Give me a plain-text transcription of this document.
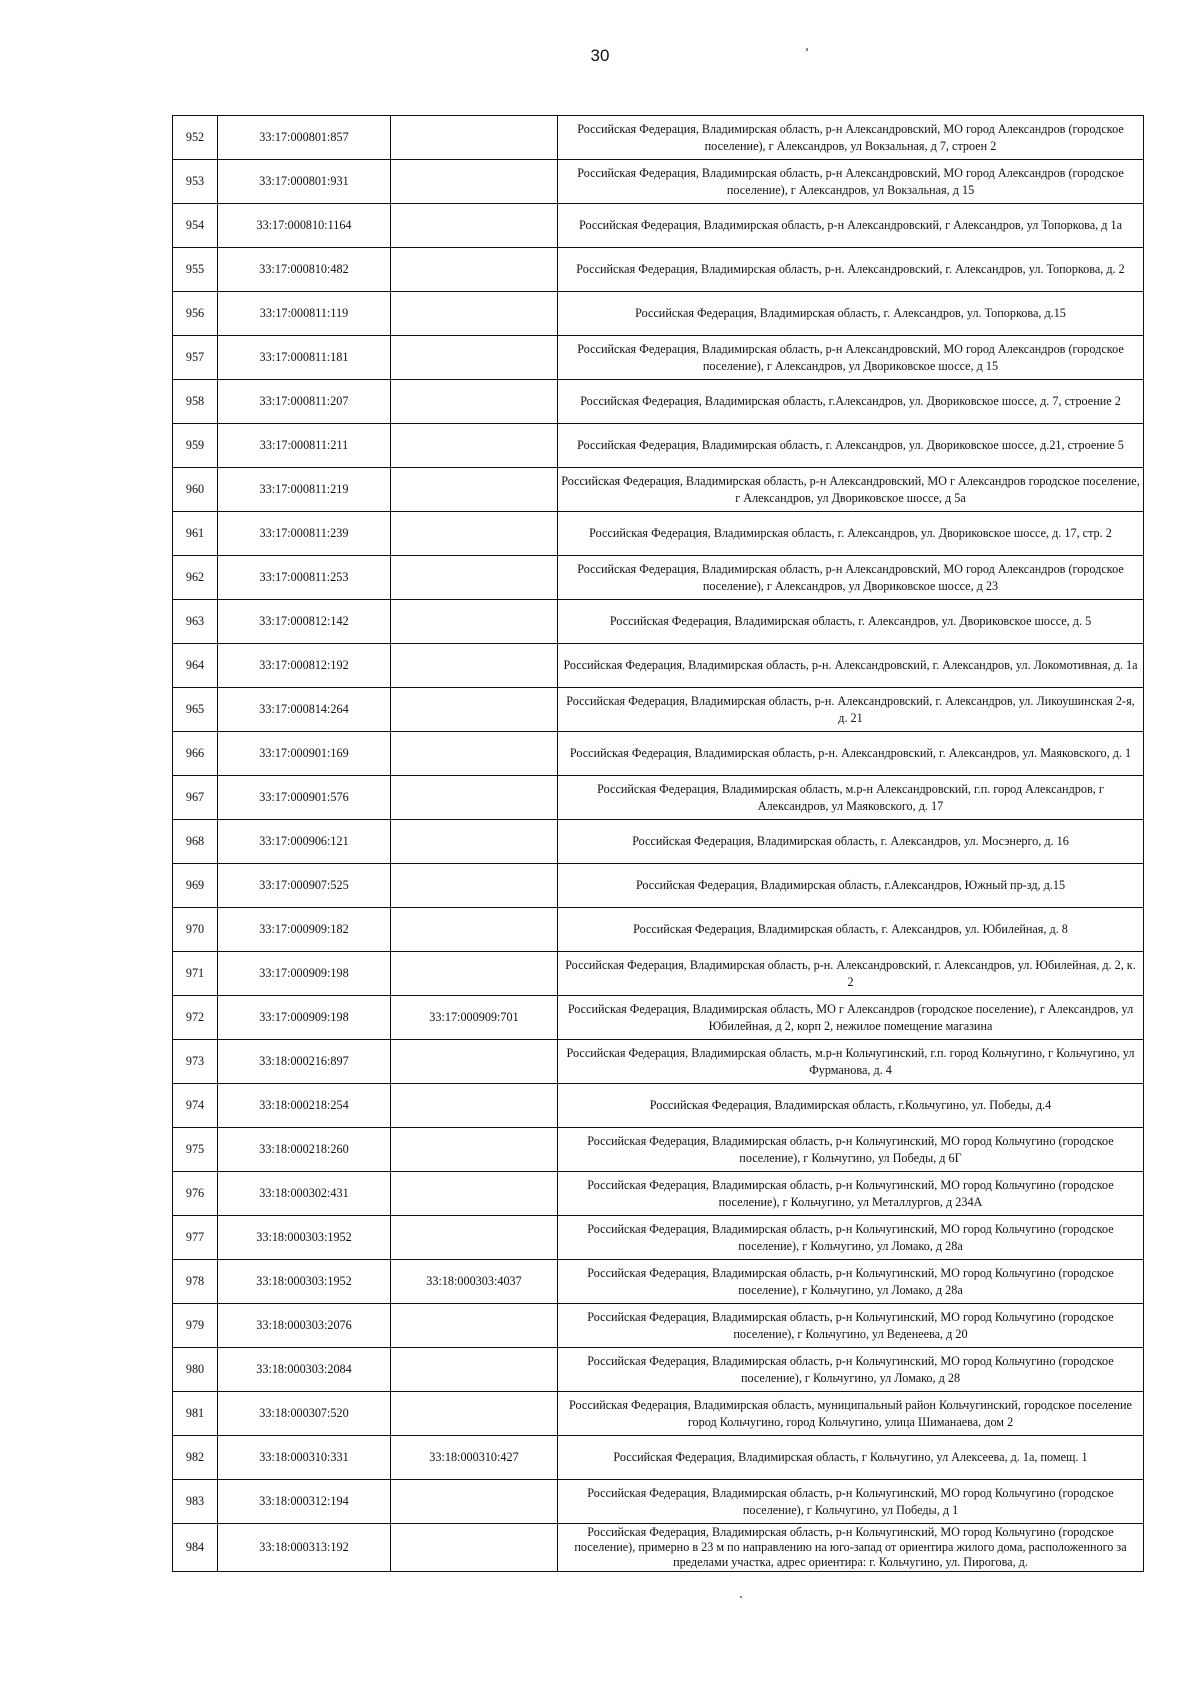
30
952	33:17:000801:857		Российская Федерация, Владимирская область, р-н Александровский, МО город Александров (городское поселение), г Александров, ул Вокзальная, д 7, строен 2
953	33:17:000801:931		Российская Федерация, Владимирская область, р-н Александровский, МО город Александров (городское поселение), г Александров, ул Вокзальная, д 15
954	33:17:000810:1164		Российская Федерация, Владимирская область, р-н Александровский, г Александров, ул Топоркова, д 1а
955	33:17:000810:482		Российская Федерация, Владимирская область, р-н. Александровский, г. Александров, ул. Топоркова, д. 2
956	33:17:000811:119		Российская Федерация, Владимирская область, г. Александров, ул. Топоркова, д.15
957	33:17:000811:181		Российская Федерация, Владимирская область, р-н Александровский, МО город Александров (городское поселение), г Александров, ул Двориковское шоссе, д 15
958	33:17:000811:207		Российская Федерация, Владимирская область, г.Александров, ул. Двориковское шоссе, д. 7, строение 2
959	33:17:000811:211		Российская Федерация, Владимирская область, г. Александров, ул. Двориковское шоссе, д.21, строение 5
960	33:17:000811:219		Российская Федерация, Владимирская область, р-н Александровский, МО г Александров городское поселение, г Александров, ул Двориковское шоссе, д 5а
961	33:17:000811:239		Российская Федерация, Владимирская область, г. Александров, ул. Двориковское шоссе, д. 17, стр. 2
962	33:17:000811:253		Российская Федерация, Владимирская область, р-н Александровский, МО город Александров (городское поселение), г Александров, ул Двориковское шоссе, д 23
963	33:17:000812:142		Российская Федерация, Владимирская область, г. Александров, ул. Двориковское шоссе, д. 5
964	33:17:000812:192		Российская Федерация, Владимирская область, р-н. Александровский, г. Александров, ул. Локомотивная, д. 1а
965	33:17:000814:264		Российская Федерация, Владимирская область, р-н. Александровский, г. Александров, ул. Ликоушинская 2-я, д. 21
966	33:17:000901:169		Российская Федерация, Владимирская область, р-н. Александровский, г. Александров, ул. Маяковского, д. 1
967	33:17:000901:576		Российская Федерация, Владимирская область, м.р-н Александровский, г.п. город Александров, г Александров, ул Маяковского, д. 17
968	33:17:000906:121		Российская Федерация, Владимирская область, г. Александров, ул. Мосэнерго, д. 16
969	33:17:000907:525		Российская Федерация, Владимирская область, г.Александров, Южный пр-зд, д.15
970	33:17:000909:182		Российская Федерация, Владимирская область, г. Александров, ул. Юбилейная, д. 8
971	33:17:000909:198		Российская Федерация, Владимирская область, р-н. Александровский, г. Александров, ул. Юбилейная, д. 2, к. 2
972	33:17:000909:198	33:17:000909:701	Российская Федерация, Владимирская область, МО г Александров (городское поселение), г Александров, ул Юбилейная, д 2, корп 2, нежилое помещение магазина
973	33:18:000216:897		Российская Федерация, Владимирская область, м.р-н Кольчугинский, г.п. город Кольчугино, г Кольчугино, ул Фурманова, д. 4
974	33:18:000218:254		Российская Федерация, Владимирская область, г.Кольчугино, ул. Победы, д.4
975	33:18:000218:260		Российская Федерация, Владимирская область, р-н Кольчугинский, МО город Кольчугино (городское поселение), г Кольчугино, ул Победы, д 6Г
976	33:18:000302:431		Российская Федерация, Владимирская область, р-н Кольчугинский, МО город Кольчугино (городское поселение), г Кольчугино, ул Металлургов, д 234А
977	33:18:000303:1952		Российская Федерация, Владимирская область, р-н Кольчугинский, МО город Кольчугино (городское поселение), г Кольчугино, ул Ломако, д 28а
978	33:18:000303:1952	33:18:000303:4037	Российская Федерация, Владимирская область, р-н Кольчугинский, МО город Кольчугино (городское поселение), г Кольчугино, ул Ломако, д 28а
979	33:18:000303:2076		Российская Федерация, Владимирская область, р-н Кольчугинский, МО город Кольчугино (городское поселение), г Кольчугино, ул Веденеева, д 20
980	33:18:000303:2084		Российская Федерация, Владимирская область, р-н Кольчугинский, МО город Кольчугино (городское поселение), г Кольчугино, ул Ломако, д 28
981	33:18:000307:520		Российская Федерация, Владимирская область, муниципальный район Кольчугинский, городское поселение город Кольчугино, город Кольчугино, улица Шиманаева, дом 2
982	33:18:000310:331	33:18:000310:427	Российская Федерация, Владимирская область, г Кольчугино, ул Алексеева, д. 1а, помещ. 1
983	33:18:000312:194		Российская Федерация, Владимирская область, р-н Кольчугинский, МО город Кольчугино (городское поселение), г Кольчугино, ул Победы, д 1
984	33:18:000313:192		Российская Федерация, Владимирская область, р-н Кольчугинский, МО город Кольчугино (городское поселение), примерно в 23 м по направлению на юго-запад от ориентира жилого дома, расположенного за пределами участка, адрес ориентира: г. Кольчугино, ул. Пирогова, д.
